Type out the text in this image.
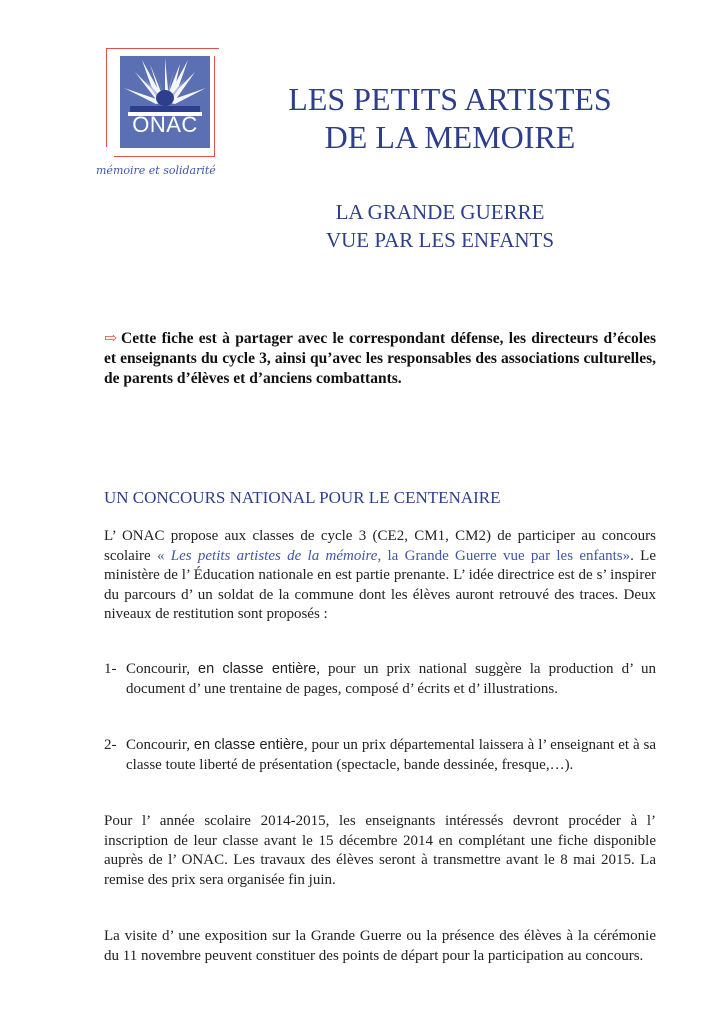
ONAC
mémoire et solidarité
LES PETITS ARTISTES
DE LA MEMOIRE
LA GRANDE GUERRE
VUE PAR LES ENFANTS
⇨ Cette fiche est à partager avec le correspondant défense, les directeurs d’écoles et enseignants du cycle 3, ainsi qu’avec les responsables des associations culturelles, de parents d’élèves et d’anciens combattants.
UN CONCOURS NATIONAL POUR LE CENTENAIRE
L’ ONAC propose aux classes de cycle 3 (CE2, CM1, CM2) de participer au concours scolaire « Les petits artistes de la mémoire, la Grande Guerre vue par les enfants». Le ministère de l’ Éducation nationale en est partie prenante. L’ idée directrice est de s’ inspirer du parcours d’ un soldat de la commune dont les élèves auront retrouvé des traces. Deux niveaux de restitution sont proposés :
1- Concourir, en classe entière, pour un prix national suggère la production d’ un document d’ une trentaine de pages, composé d’ écrits et d’ illustrations.
2- Concourir, en classe entière, pour un prix départemental laissera à l’ enseignant et à sa classe toute liberté de présentation (spectacle, bande dessinée, fresque,…).
Pour l’ année scolaire 2014-2015, les enseignants intéressés devront procéder à l’ inscription de leur classe avant le 15 décembre 2014 en complétant une fiche disponible auprès de l’ ONAC. Les travaux des élèves seront à transmettre avant le 8 mai 2015. La remise des prix sera organisée fin juin.
La visite d’ une exposition sur la Grande Guerre ou la présence des élèves à la cérémonie du 11 novembre peuvent constituer des points de départ pour la participation au concours.
